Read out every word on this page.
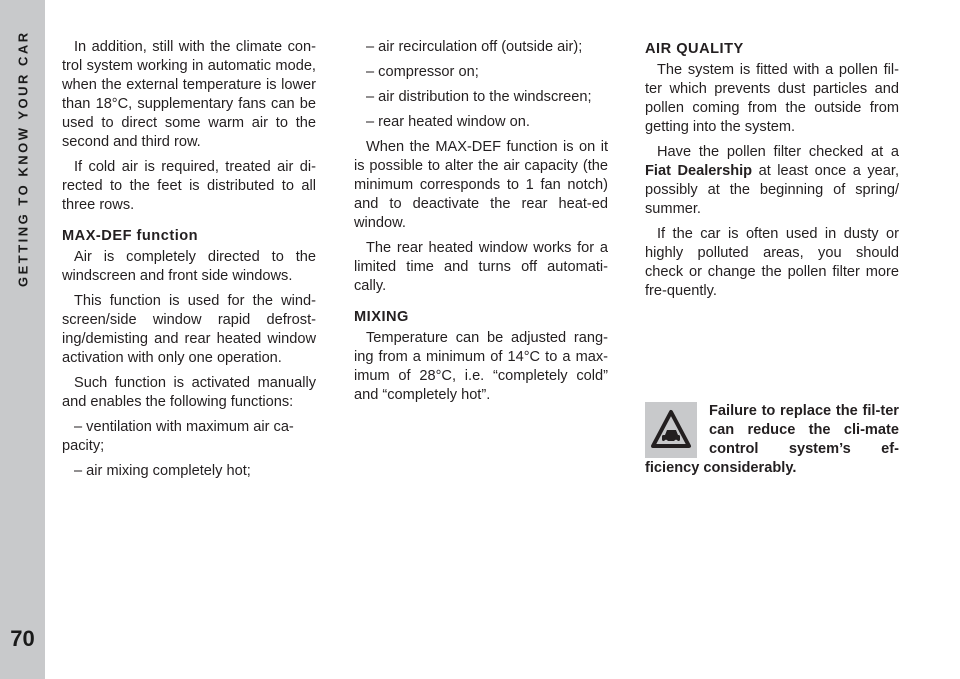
GETTING TO KNOW YOUR CAR
70

In addition, still with the climate con-trol system working in automatic mode, when the external temperature is lower than 18°C, supplementary fans can be used to direct some warm air to the second and third row.

If cold air is required, treated air di-rected to the feet is distributed to all three rows.

MAX-DEF function

Air is completely directed to the windscreen and front side windows.

This function is used for the wind-screen/side window rapid defrost-ing/demisting and rear heated window activation with only one operation.

Such function is activated manually and enables the following functions:

– ventilation with maximum air ca-pacity;

– air mixing completely hot;

– air recirculation off (outside air);

– compressor on;

– air distribution to the windscreen;

– rear heated window on.

When the MAX-DEF function is on it is possible to alter the air capacity (the minimum corresponds to 1 fan notch) and to deactivate the rear heat-ed window.

The rear heated window works for a limited time and turns off automati-cally.

MIXING

Temperature can be adjusted rang-ing from a minimum of 14°C to a max-imum of 28°C, i.e. “completely cold” and “completely hot”.

AIR QUALITY

The system is fitted with a pollen fil-ter which prevents dust particles and pollen coming from the outside from getting into the system.

Have the pollen filter checked at a Fiat Dealership at least once a year, possibly at the beginning of spring/ summer.

If the car is often used in dusty or highly polluted areas, you should check or change the pollen filter more fre-quently.

Failure to replace the fil-ter can reduce the cli-mate control system’s ef-ficiency considerably.
